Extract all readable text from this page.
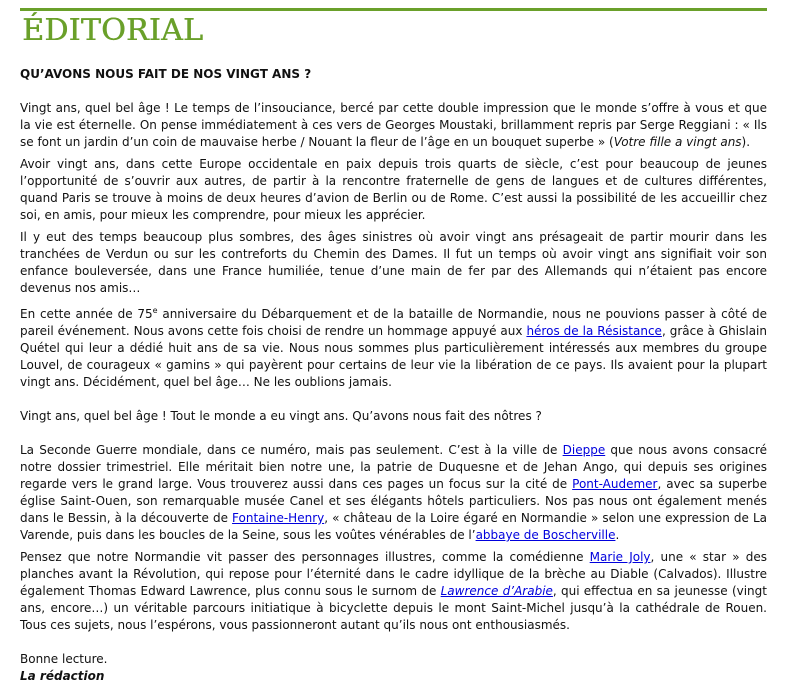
ÉDITORIAL
QU’AVONS NOUS FAIT DE NOS VINGT ANS ?

Vingt ans, quel bel âge ! Le temps de l’insouciance, bercé par cette double impression que le monde s’offre à vous et que la vie est éternelle. On pense immédiatement à ces vers de Georges Moustaki, brillamment repris par Serge Reggiani : « Ils se font un jardin d’un coin de mauvaise herbe / Nouant la fleur de l’âge en un bouquet superbe » (Votre fille a vingt ans).

Avoir vingt ans, dans cette Europe occidentale en paix depuis trois quarts de siècle, c’est pour beaucoup de jeunes l’opportunité de s’ouvrir aux autres, de partir à la rencontre fraternelle de gens de langues et de cultures différentes, quand Paris se trouve à moins de deux heures d’avion de Berlin ou de Rome. C’est aussi la possibilité de les accueillir chez soi, en amis, pour mieux les comprendre, pour mieux les apprécier.

Il y eut des temps beaucoup plus sombres, des âges sinistres où avoir vingt ans présageait de partir mourir dans les tranchées de Verdun ou sur les contreforts du Chemin des Dames. Il fut un temps où avoir vingt ans signifiait voir son enfance bouleversée, dans une France humiliée, tenue d’une main de fer par des Allemands qui n’étaient pas encore devenus nos amis…

En cette année de 75e anniversaire du Débarquement et de la bataille de Normandie, nous ne pouvions passer à côté de pareil événement. Nous avons cette fois choisi de rendre un hommage appuyé aux héros de la Résistance, grâce à Ghislain Quétel qui leur a dédié huit ans de sa vie. Nous nous sommes plus particulièrement intéressés aux membres du groupe Louvel, de courageux « gamins » qui payèrent pour certains de leur vie la libération de ce pays. Ils avaient pour la plupart vingt ans. Décidément, quel bel âge… Ne les oublions jamais.

Vingt ans, quel bel âge ! Tout le monde a eu vingt ans. Qu’avons nous fait des nôtres ?

La Seconde Guerre mondiale, dans ce numéro, mais pas seulement. C’est à la ville de Dieppe que nous avons consacré notre dossier trimestriel. Elle méritait bien notre une, la patrie de Duquesne et de Jehan Ango, qui depuis ses origines regarde vers le grand large. Vous trouverez aussi dans ces pages un focus sur la cité de Pont-Audemer, avec sa superbe église Saint-Ouen, son remarquable musée Canel et ses élégants hôtels particuliers. Nos pas nous ont également menés dans le Bessin, à la découverte de Fontaine-Henry, « château de la Loire égaré en Normandie » selon une expression de La Varende, puis dans les boucles de la Seine, sous les voûtes vénérables de l’abbaye de Boscherville.

Pensez que notre Normandie vit passer des personnages illustres, comme la comédienne Marie Joly, une « star » des planches avant la Révolution, qui repose pour l’éternité dans le cadre idyllique de la brèche au Diable (Calvados). Illustre également Thomas Edward Lawrence, plus connu sous le surnom de Lawrence d’Arabie, qui effectua en sa jeunesse (vingt ans, encore…) un véritable parcours initiatique à bicyclette depuis le mont Saint-Michel jusqu’à la cathédrale de Rouen. Tous ces sujets, nous l’espérons, vous passionneront autant qu’ils nous ont enthousiasmés.

Bonne lecture.

La rédaction
